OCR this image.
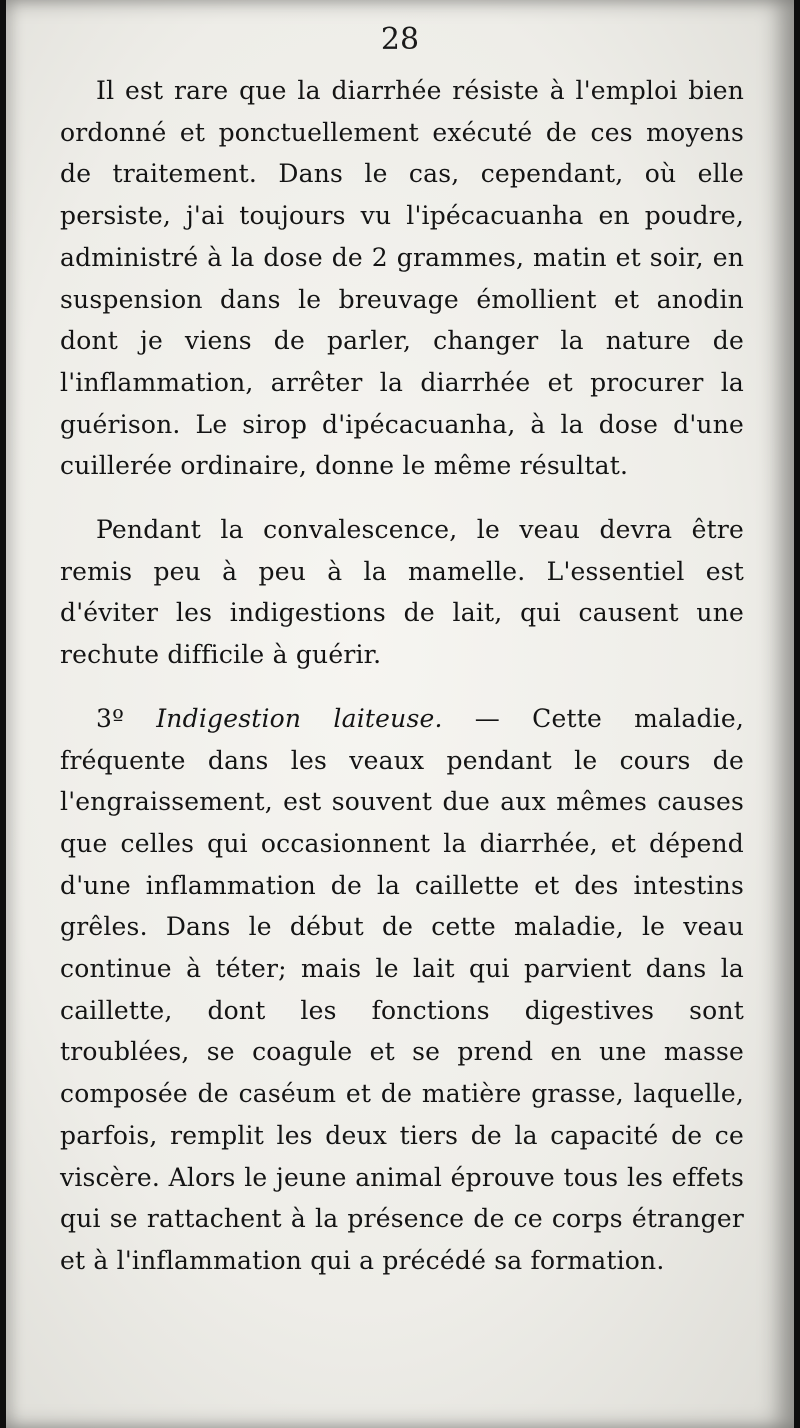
28

Il est rare que la diarrhée résiste à l'emploi bien ordonné et ponctuellement exécuté de ces moyens de traitement. Dans le cas, cependant, où elle persiste, j'ai toujours vu l'ipécacuanha en poudre, administré à la dose de 2 grammes, matin et soir, en suspension dans le breuvage émollient et anodin dont je viens de parler, changer la nature de l'inflammation, arrêter la diarrhée et procurer la guérison. Le sirop d'ipécacuanha, à la dose d'une cuillerée ordinaire, donne le même résultat.

Pendant la convalescence, le veau devra être remis peu à peu à la mamelle. L'essentiel est d'éviter les indigestions de lait, qui causent une rechute difficile à guérir.

3º Indigestion laiteuse. — Cette maladie, fréquente dans les veaux pendant le cours de l'engraissement, est souvent due aux mêmes causes que celles qui occasionnent la diarrhée, et dépend d'une inflammation de la caillette et des intestins grêles. Dans le début de cette maladie, le veau continue à téter; mais le lait qui parvient dans la caillette, dont les fonctions digestives sont troublées, se coagule et se prend en une masse composée de caséum et de matière grasse, laquelle, parfois, remplit les deux tiers de la capacité de ce viscère. Alors le jeune animal éprouve tous les effets qui se rattachent à la présence de ce corps étranger et à l'inflammation qui a précédé sa formation.
